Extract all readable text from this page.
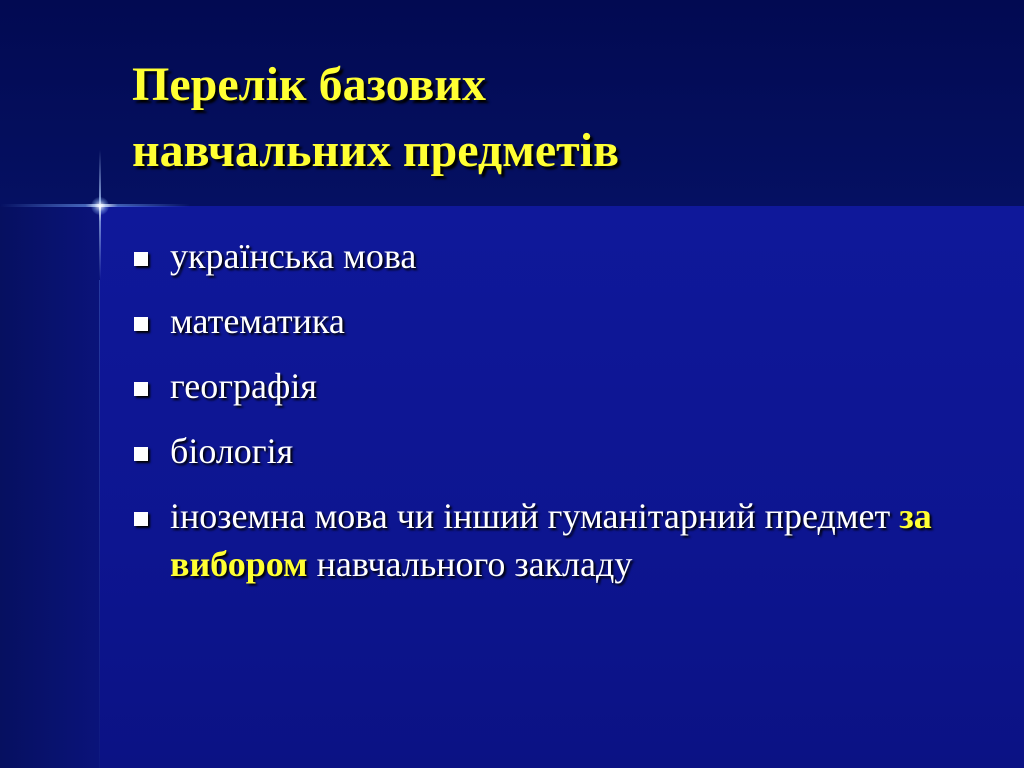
Перелік базових
навчальних предметів
українська мова
математика
географія
біологія
іноземна мова чи інший гуманітарний предмет за вибором навчального закладу
